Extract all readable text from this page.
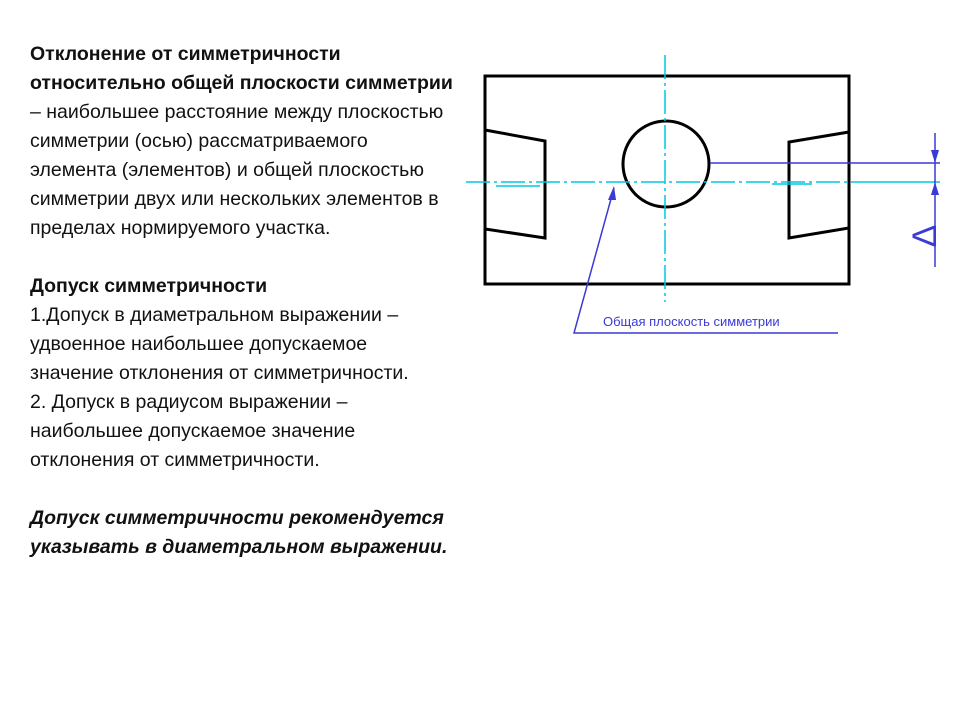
Отклонение от симметричности относительно общей плоскости симметрии – наибольшее расстояние между плоскостью симметрии (осью) рассматриваемого элемента (элементов) и общей плоскостью симметрии двух или нескольких элементов в пределах нормируемого участка.

Допуск симметричности

1.Допуск в диаметральном выражении – удвоенное наибольшее допускаемое значение отклонения от симметричности.

2. Допуск в радиусом выражении – наибольшее допускаемое значение отклонения от симметричности.

Допуск симметричности рекомендуется указывать в диаметральном выражении.

Δ
Общая плоскость симметрии
